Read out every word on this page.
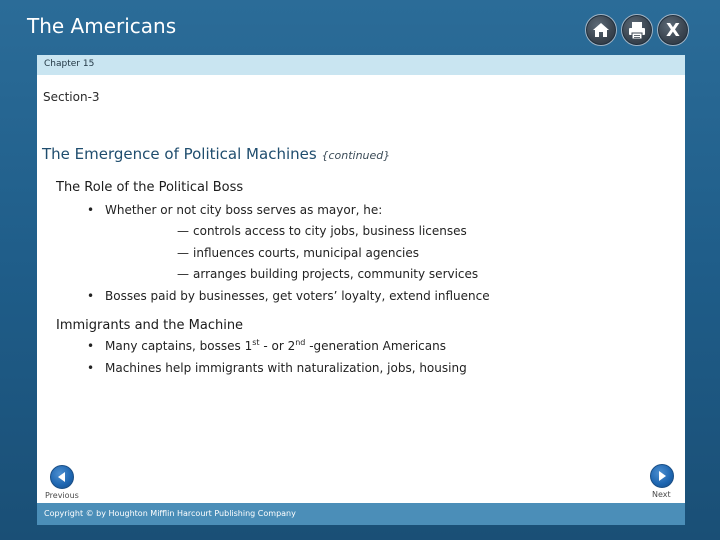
The Americans	X
Chapter 15
Section-3
The Emergence of Political Machines {continued}
The Role of the Political Boss
• Whether or not city boss serves as mayor, he:
— controls access to city jobs, business licenses
— influences courts, municipal agencies
— arranges building projects, community services
• Bosses paid by businesses, get voters’ loyalty, extend influence
Immigrants and the Machine
• Many captains, bosses 1st - or 2nd -generation Americans
• Machines help immigrants with naturalization, jobs, housing
Previous	Next
Copyright © by Houghton Mifflin Harcourt Publishing Company
